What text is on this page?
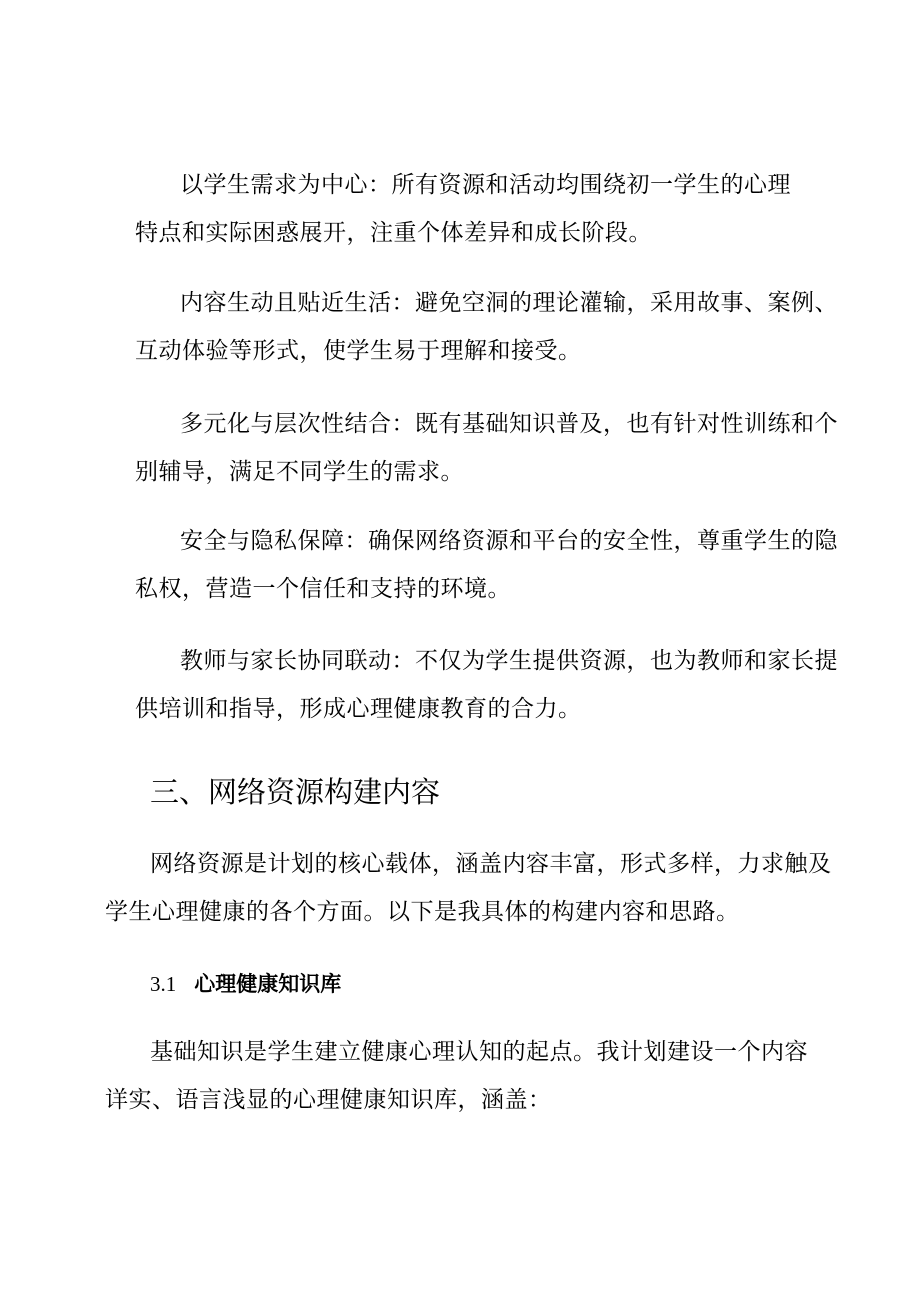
以学生需求为中心：所有资源和活动均围绕初一学生的心理
特点和实际困惑展开，注重个体差异和成长阶段。

内容生动且贴近生活：避免空洞的理论灌输，采用故事、案例、
互动体验等形式，使学生易于理解和接受。

多元化与层次性结合：既有基础知识普及，也有针对性训练和个
别辅导，满足不同学生的需求。

安全与隐私保障：确保网络资源和平台的安全性，尊重学生的隐
私权，营造一个信任和支持的环境。

教师与家长协同联动：不仅为学生提供资源，也为教师和家长提
供培训和指导，形成心理健康教育的合力。

三、网络资源构建内容

网络资源是计划的核心载体，涵盖内容丰富，形式多样，力求触及
学生心理健康的各个方面。以下是我具体的构建内容和思路。

3.1 心理健康知识库

基础知识是学生建立健康心理认知的起点。我计划建设一个内容
详实、语言浅显的心理健康知识库，涵盖：
